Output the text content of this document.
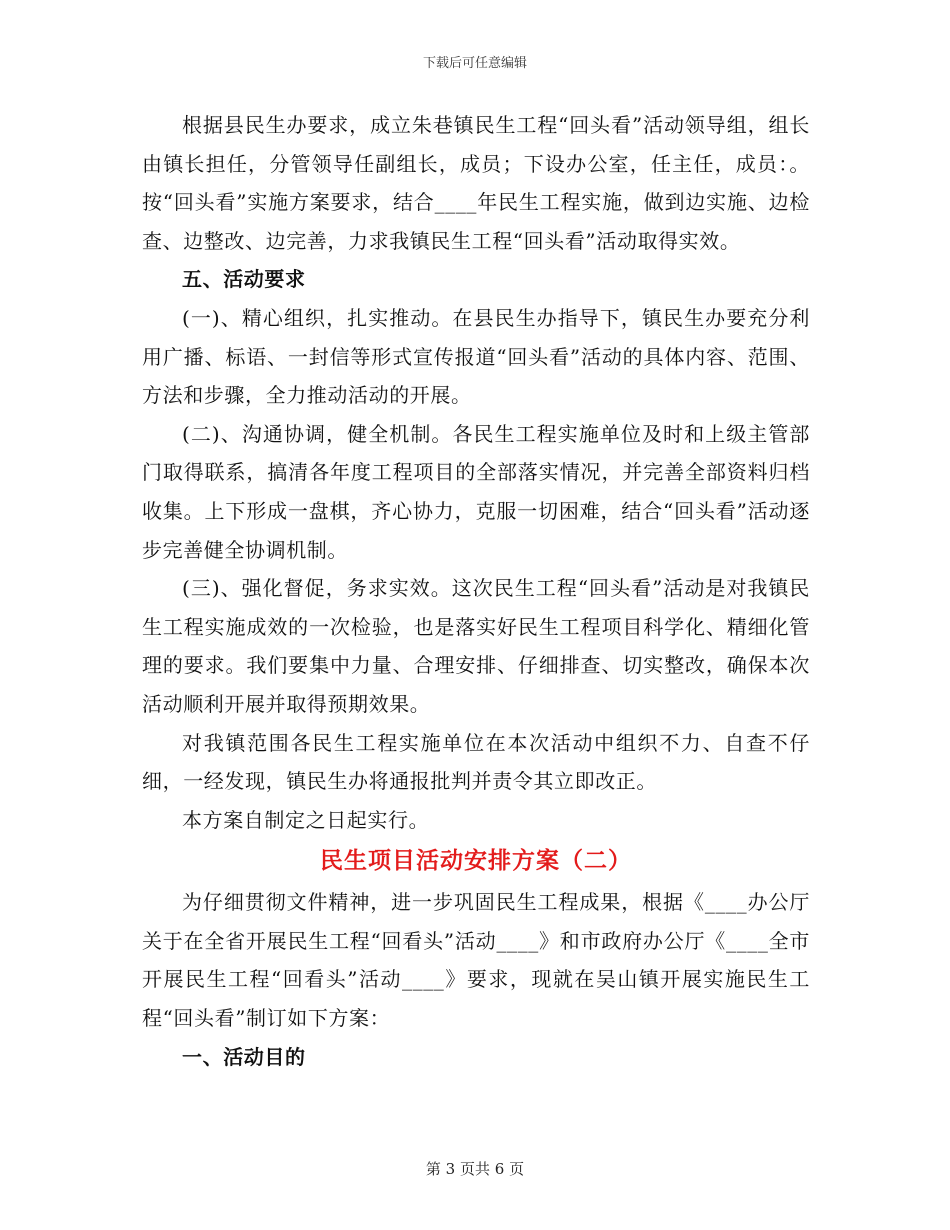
下载后可任意编辑

根据县民生办要求，成立朱巷镇民生工程“回头看”活动领导组，组长由镇长担任，分管领导任副组长，成员；下设办公室，任主任，成员：。按“回头看”实施方案要求，结合____年民生工程实施，做到边实施、边检查、边整改、边完善，力求我镇民生工程“回头看”活动取得实效。

五、活动要求

(一)、精心组织，扎实推动。在县民生办指导下，镇民生办要充分利用广播、标语、一封信等形式宣传报道“回头看”活动的具体内容、范围、方法和步骤，全力推动活动的开展。

(二)、沟通协调，健全机制。各民生工程实施单位及时和上级主管部门取得联系，搞清各年度工程项目的全部落实情况，并完善全部资料归档收集。上下形成一盘棋，齐心协力，克服一切困难，结合“回头看”活动逐步完善健全协调机制。

(三)、强化督促，务求实效。这次民生工程“回头看”活动是对我镇民生工程实施成效的一次检验，也是落实好民生工程项目科学化、精细化管理的要求。我们要集中力量、合理安排、仔细排查、切实整改，确保本次活动顺利开展并取得预期效果。

对我镇范围各民生工程实施单位在本次活动中组织不力、自查不仔细，一经发现，镇民生办将通报批判并责令其立即改正。

本方案自制定之日起实行。

民生项目活动安排方案（二）

为仔细贯彻文件精神，进一步巩固民生工程成果，根据《____办公厅关于在全省开展民生工程“回看头”活动____》和市政府办公厅《____全市开展民生工程“回看头”活动____》要求，现就在吴山镇开展实施民生工程“回头看”制订如下方案：

一、活动目的

第 3 页共 6 页
